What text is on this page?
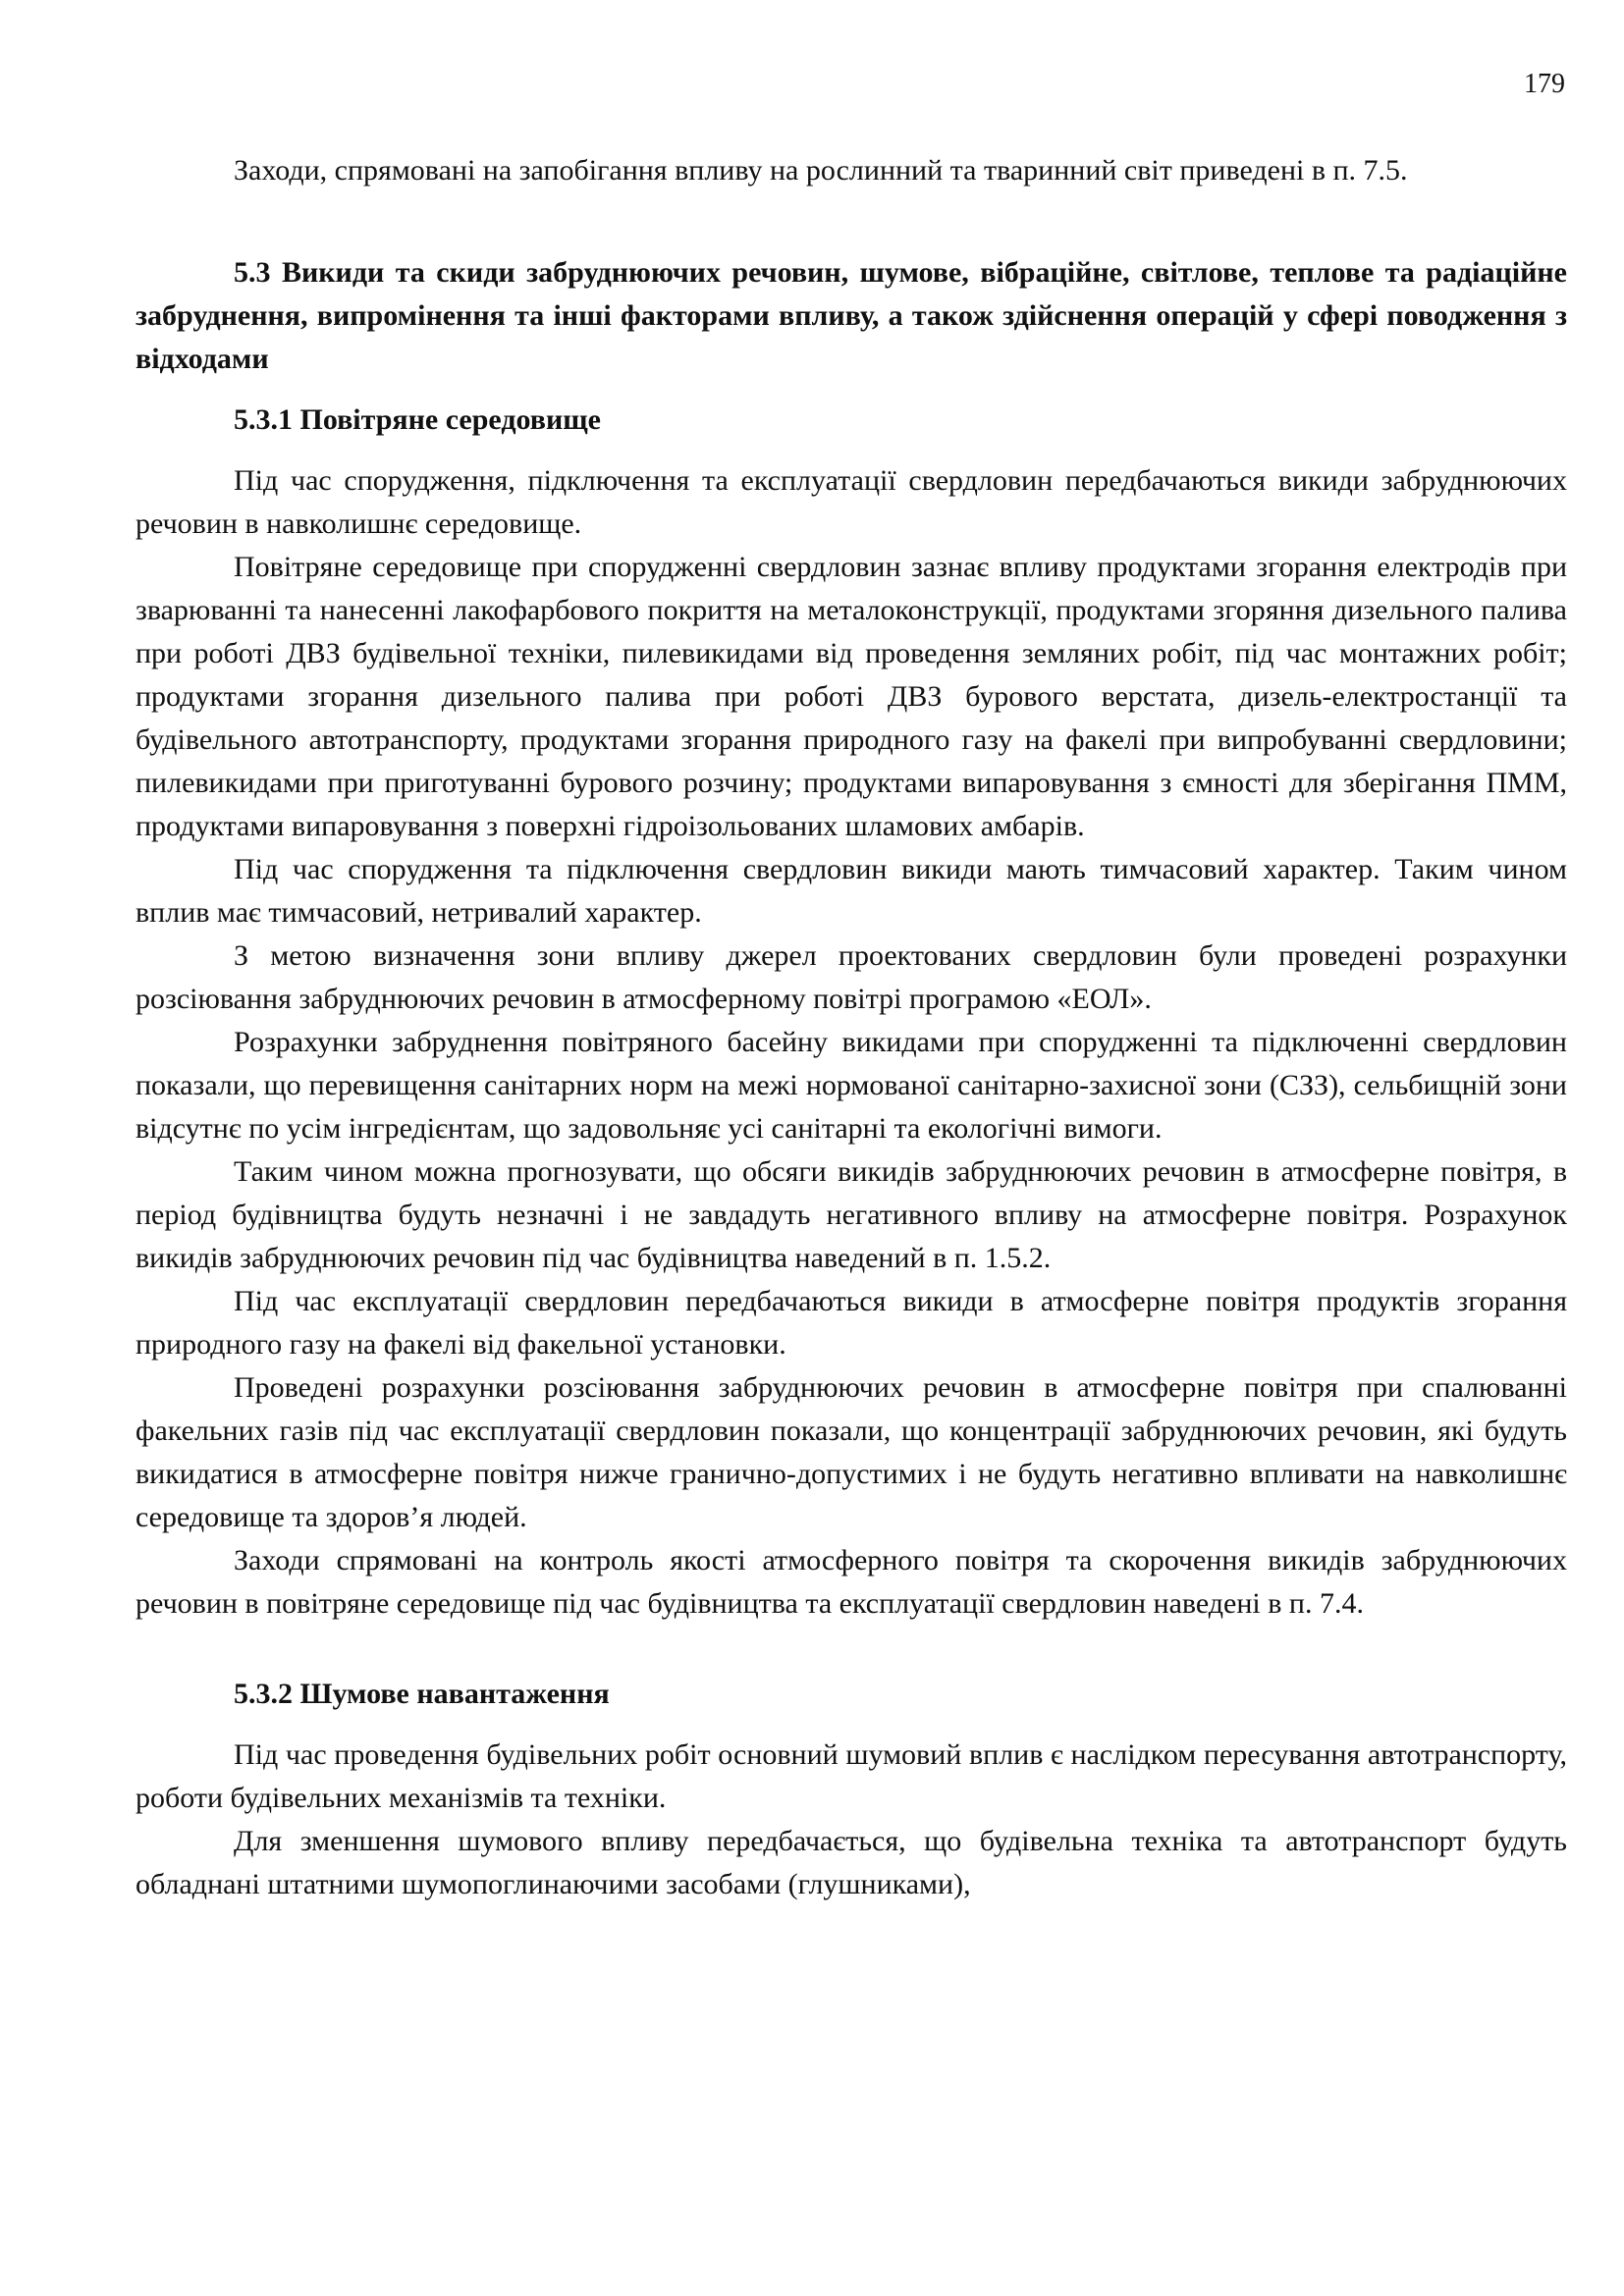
179

Заходи, спрямовані на запобігання впливу на рослинний та тваринний світ приведені в п. 7.5.

5.3 Викиди та скиди забруднюючих речовин, шумове, вібраційне, світлове, теплове та радіаційне забруднення, випромінення та інші факторами впливу, а також здійснення операцій у сфері поводження з відходами
5.3.1 Повітряне середовище

Під час спорудження, підключення та експлуатації свердловин передбачаються викиди забруднюючих речовин в навколишнє середовище.

Повітряне середовище при спорудженні свердловин зазнає впливу продуктами згорання електродів при зварюванні та нанесенні лакофарбового покриття на металоконструкції, продуктами згоряння дизельного палива при роботі ДВЗ будівельної техніки, пилевикидами від проведення земляних робіт, під час монтажних робіт; продуктами згорання дизельного палива при роботі ДВЗ бурового верстата, дизель-електростанції та будівельного автотранспорту, продуктами згорання природного газу на факелі при випробуванні свердловини; пилевикидами при приготуванні бурового розчину; продуктами випаровування з ємності для зберігання ПММ, продуктами випаровування з поверхні гідроізольованих шламових амбарів.

Під час спорудження та підключення свердловин викиди мають тимчасовий характер. Таким чином вплив має тимчасовий, нетривалий характер.

З метою визначення зони впливу джерел проектованих свердловин були проведені розрахунки розсіювання забруднюючих речовин в атмосферному повітрі програмою «ЕОЛ».

Розрахунки забруднення повітряного басейну викидами при спорудженні та підключенні свердловин показали, що перевищення санітарних норм на межі нормованої санітарно-захисної зони (СЗЗ), сельбищній зони відсутнє по усім інгредієнтам, що задовольняє усі санітарні та екологічні вимоги.

Таким чином можна прогнозувати, що обсяги викидів забруднюючих речовин в атмосферне повітря, в період будівництва будуть незначні і не завдадуть негативного впливу на атмосферне повітря. Розрахунок викидів забруднюючих речовин під час будівництва наведений в п. 1.5.2.

Під час експлуатації свердловин передбачаються викиди в атмосферне повітря продуктів згорання природного газу на факелі від факельної установки.

Проведені розрахунки розсіювання забруднюючих речовин в атмосферне повітря при спалюванні факельних газів під час експлуатації свердловин показали, що концентрації забруднюючих речовин, які будуть викидатися в атмосферне повітря нижче гранично-допустимих і не будуть негативно впливати на навколишнє середовище та здоров’я людей.

Заходи спрямовані на контроль якості атмосферного повітря та скорочення викидів забруднюючих речовин в повітряне середовище під час будівництва та експлуатації свердловин наведені в п. 7.4.

5.3.2 Шумове навантаження

Під час проведення будівельних робіт основний шумовий вплив є наслідком пересування автотранспорту, роботи будівельних механізмів та техніки.

Для зменшення шумового впливу передбачається, що будівельна техніка та автотранспорт будуть обладнані штатними шумопоглинаючими засобами (глушниками),
